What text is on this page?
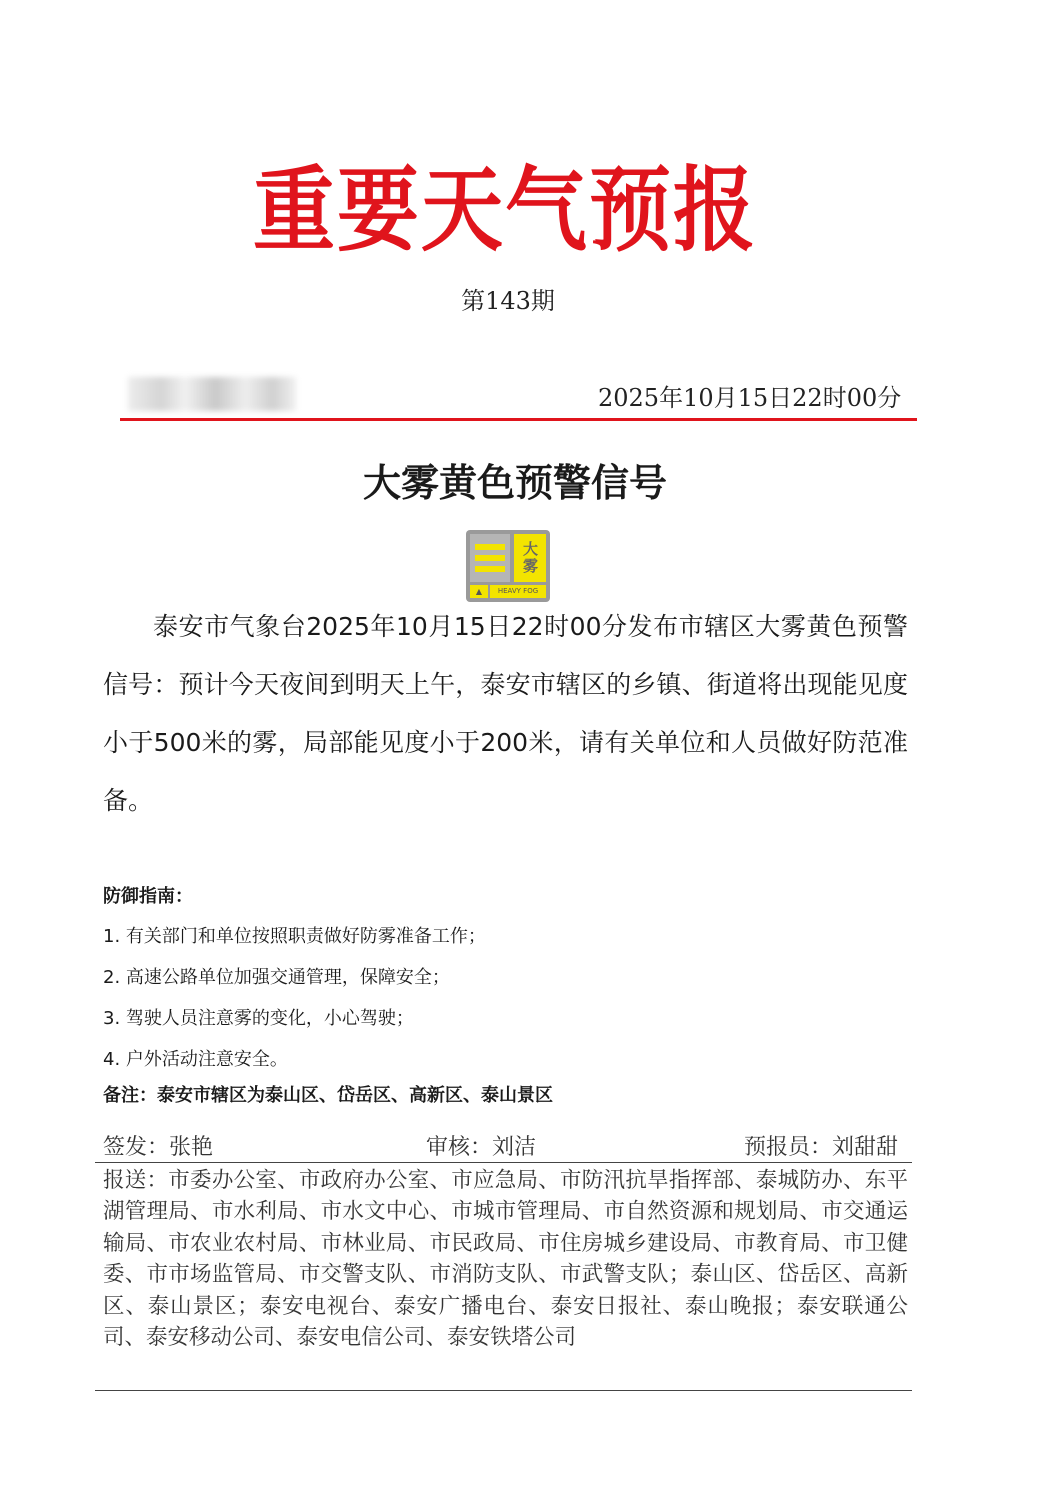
重要天气预报
第143期
2025年10月15日22时00分
大雾黄色预警信号
大雾
▲	HEAVY FOG
泰安市气象台2025年10月15日22时00分发布市辖区大雾黄色预警信号：预计今天夜间到明天上午，泰安市辖区的乡镇、街道将出现能见度小于500米的雾，局部能见度小于200米，请有关单位和人员做好防范准备。
防御指南：
1. 有关部门和单位按照职责做好防雾准备工作；
2. 高速公路单位加强交通管理，保障安全；
3. 驾驶人员注意雾的变化，小心驾驶；
4. 户外活动注意安全。
备注：泰安市辖区为泰山区、岱岳区、高新区、泰山景区
签发：张艳	审核：刘洁	预报员：刘甜甜
报送：市委办公室、市政府办公室、市应急局、市防汛抗旱指挥部、泰城防办、东平湖管理局、市水利局、市水文中心、市城市管理局、市自然资源和规划局、市交通运输局、市农业农村局、市林业局、市民政局、市住房城乡建设局、市教育局、市卫健委、市市场监管局、市交警支队、市消防支队、市武警支队；泰山区、岱岳区、高新区、泰山景区；泰安电视台、泰安广播电台、泰安日报社、泰山晚报；泰安联通公司、泰安移动公司、泰安电信公司、泰安铁塔公司
